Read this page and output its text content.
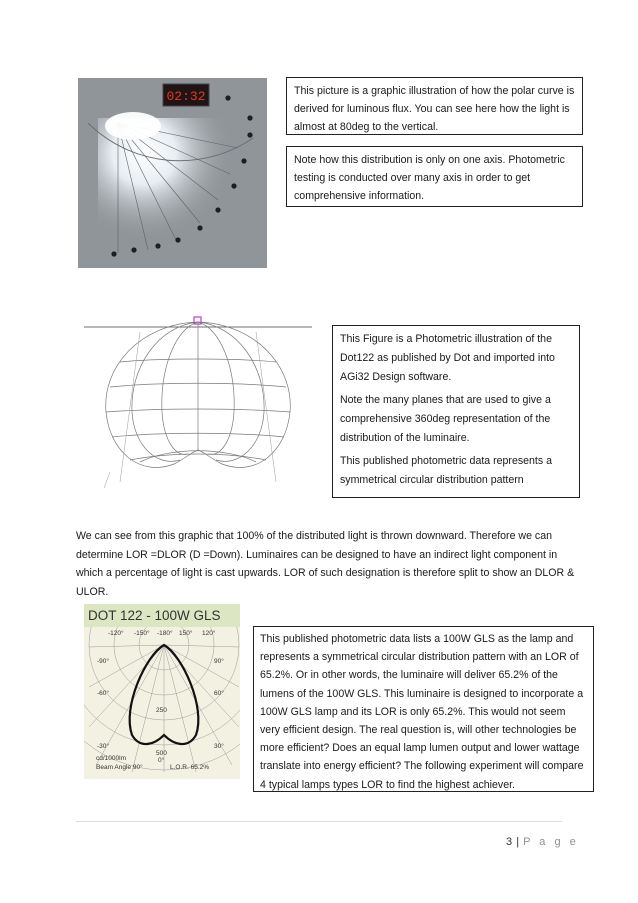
02:32	This picture is a graphic illustration of how the polar curve is derived for luminous flux. You can see here how the light is almost at 80deg to the vertical.

Note how this distribution is only on one axis. Photometric testing is conducted over many axis in order to get comprehensive information.

This Figure is a Photometric illustration of the Dot122 as published by Dot and imported into AGi32 Design software.

Note the many planes that are used to give a comprehensive 360deg representation of the distribution of the luminaire.

This published photometric data represents a symmetrical circular distribution pattern

We can see from this graphic that 100% of the distributed light is thrown downward. Therefore we can determine LOR =DLOR (D =Down). Luminaires can be designed to have an indirect light component in which a percentage of light is cast upwards. LOR of such designation is therefore split to show an DLOR & ULOR.

DOT 122 - 100W GLS
-120° -150° -180° 150° 120°
-90°
-60°
-30°
90°
60°
30°
250
500
cd/1000lm	0°
Beam Angle 90°	L.O.R. 65.2%

This published photometric data lists a 100W GLS as the lamp and represents a symmetrical circular distribution pattern with an LOR of 65.2%. Or in other words, the luminaire will deliver 65.2% of the lumens of the 100W GLS. This luminaire is designed to incorporate a 100W GLS lamp and its LOR is only 65.2%. This would not seem very efficient design. The real question is, will other technologies be more efficient? Does an equal lamp lumen output and lower wattage translate into energy efficient? The following experiment will compare 4 typical lamps types LOR to find the highest achiever.

3 | P a g e
